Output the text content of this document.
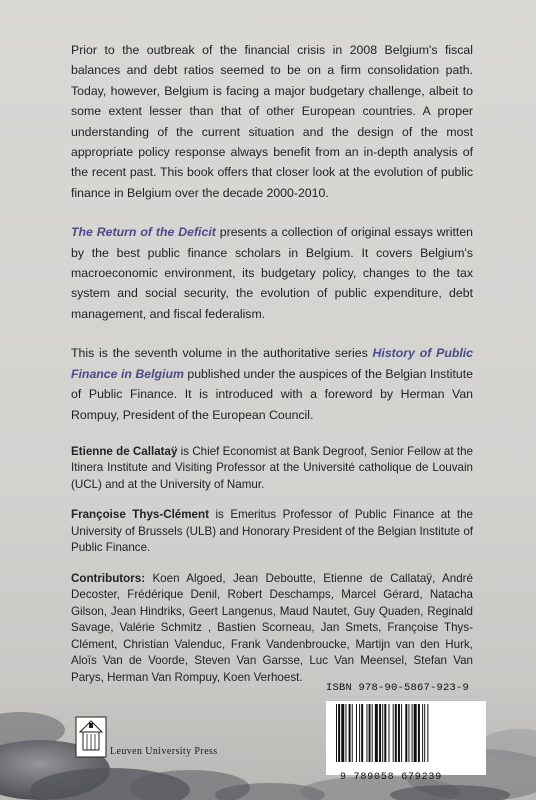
Prior to the outbreak of the financial crisis in 2008 Belgium's fiscal balances and debt ratios seemed to be on a firm consolidation path. Today, however, Belgium is facing a major budgetary challenge, albeit to some extent lesser than that of other European countries. A proper understanding of the current situation and the design of the most appropriate policy response always benefit from an in-depth analysis of the recent past. This book offers that closer look at the evolution of public finance in Belgium over the decade 2000-2010.

The Return of the Deficit presents a collection of original essays written by the best public finance scholars in Belgium. It covers Belgium's macroeconomic environment, its budgetary policy, changes to the tax system and social security, the evolution of public expenditure, debt management, and fiscal federalism.

This is the seventh volume in the authoritative series History of Public Finance in Belgium published under the auspices of the Belgian Institute of Public Finance. It is introduced with a foreword by Herman Van Rompuy, President of the European Council.

Etienne de Callataÿ is Chief Economist at Bank Degroof, Senior Fellow at the Itinera Institute and Visiting Professor at the Université catholique de Louvain (UCL) and at the University of Namur.

Françoise Thys-Clément is Emeritus Professor of Public Finance at the University of Brussels (ULB) and Honorary President of the Belgian Institute of Public Finance.

Contributors: Koen Algoed, Jean Deboutte, Etienne de Callataÿ, André Decoster, Frédérique Denil, Robert Deschamps, Marcel Gérard, Natacha Gilson, Jean Hindriks, Geert Langenus, Maud Nautet, Guy Quaden, Reginald Savage, Valérie Schmitz , Bastien Scorneau, Jan Smets, Françoise Thys-Clément, Christian Valenduc, Frank Vandenbroucke, Martijn van den Hurk, Aloïs Van de Voorde, Steven Van Garsse, Luc Van Meensel, Stefan Van Parys, Herman Van Rompuy, Koen Verhoest.

Leuven University Press
ISBN 978-90-5867-923-9
9 789058 679239
